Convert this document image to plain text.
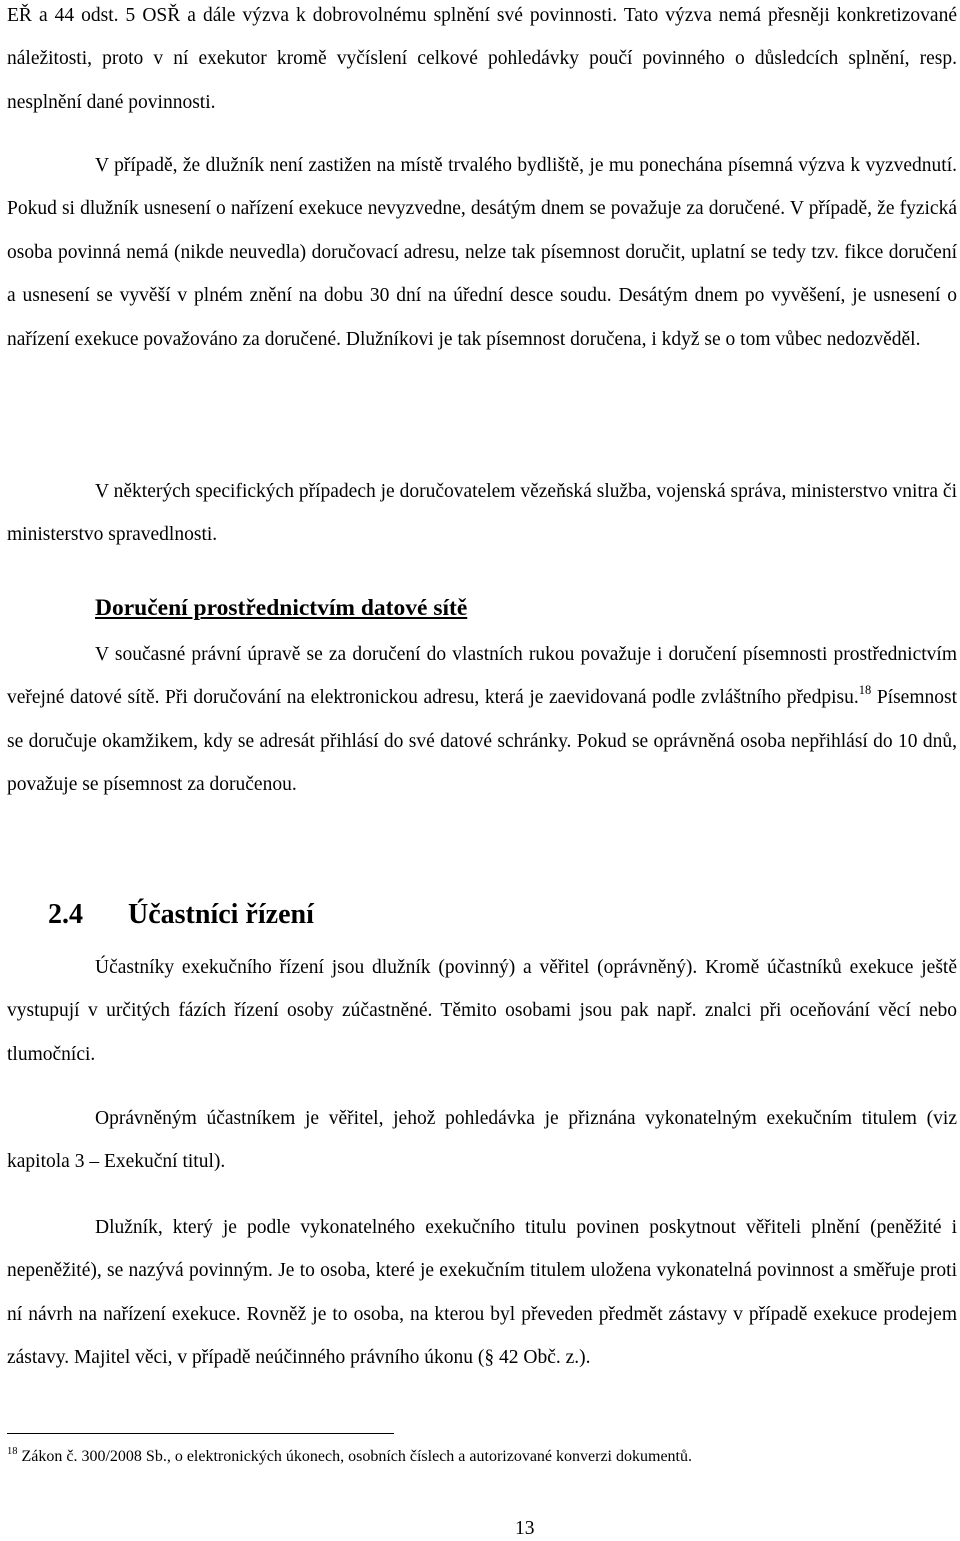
EŘ a 44 odst. 5 OSŘ a dále výzva k dobrovolnému splnění své povinnosti. Tato výzva nemá přesněji konkretizované náležitosti, proto v ní exekutor kromě vyčíslení celkové pohledávky poučí povinného o důsledcích splnění, resp. nesplnění dané povinnosti.

V případě, že dlužník není zastižen na místě trvalého bydliště, je mu ponechána písemná výzva k vyzvednutí. Pokud si dlužník usnesení o nařízení exekuce nevyzvedne, desátým dnem se považuje za doručené. V případě, že fyzická osoba povinná nemá (nikde neuvedla) doručovací adresu, nelze tak písemnost doručit, uplatní se tedy tzv. fikce doručení a usnesení se vyvěší v plném znění na dobu 30 dní na úřední desce soudu. Desátým dnem po vyvěšení, je usnesení o nařízení exekuce považováno za doručené. Dlužníkovi je tak písemnost doručena, i když se o tom vůbec nedozvěděl.

V některých specifických případech je doručovatelem vězeňská služba, vojenská správa, ministerstvo vnitra či ministerstvo spravedlnosti.

Doručení prostřednictvím datové sítě

V současné právní úpravě se za doručení do vlastních rukou považuje i doručení písemnosti prostřednictvím veřejné datové sítě. Při doručování na elektronickou adresu, která je zaevidovaná podle zvláštního předpisu.$^{18}$ Písemnost se doručuje okamžikem, kdy se adresát přihlásí do své datové schránky. Pokud se oprávněná osoba nepřihlásí do 10 dnů, považuje se písemnost za doručenou.

2.4 Účastníci řízení

Účastníky exekučního řízení jsou dlužník (povinný) a věřitel (oprávněný). Kromě účastníků exekuce ještě vystupují v určitých fázích řízení osoby zúčastněné. Těmito osobami jsou pak např. znalci při oceňování věcí nebo tlumočníci.

Oprávněným účastníkem je věřitel, jehož pohledávka je přiznána vykonatelným exekučním titulem (viz kapitola 3 – Exekuční titul).

Dlužník, který je podle vykonatelného exekučního titulu povinen poskytnout věřiteli plnění (peněžité i nepeněžité), se nazývá povinným. Je to osoba, které je exekučním titulem uložena vykonatelná povinnost a směřuje proti ní návrh na nařízení exekuce. Rovněž je to osoba, na kterou byl převeden předmět zástavy v případě exekuce prodejem zástavy. Majitel věci, v případě neúčinného právního úkonu (§ 42 Obč. z.).

$^{18}$ Zákon č. 300/2008 Sb., o elektronických úkonech, osobních číslech a autorizované konverzi dokumentů.

13
